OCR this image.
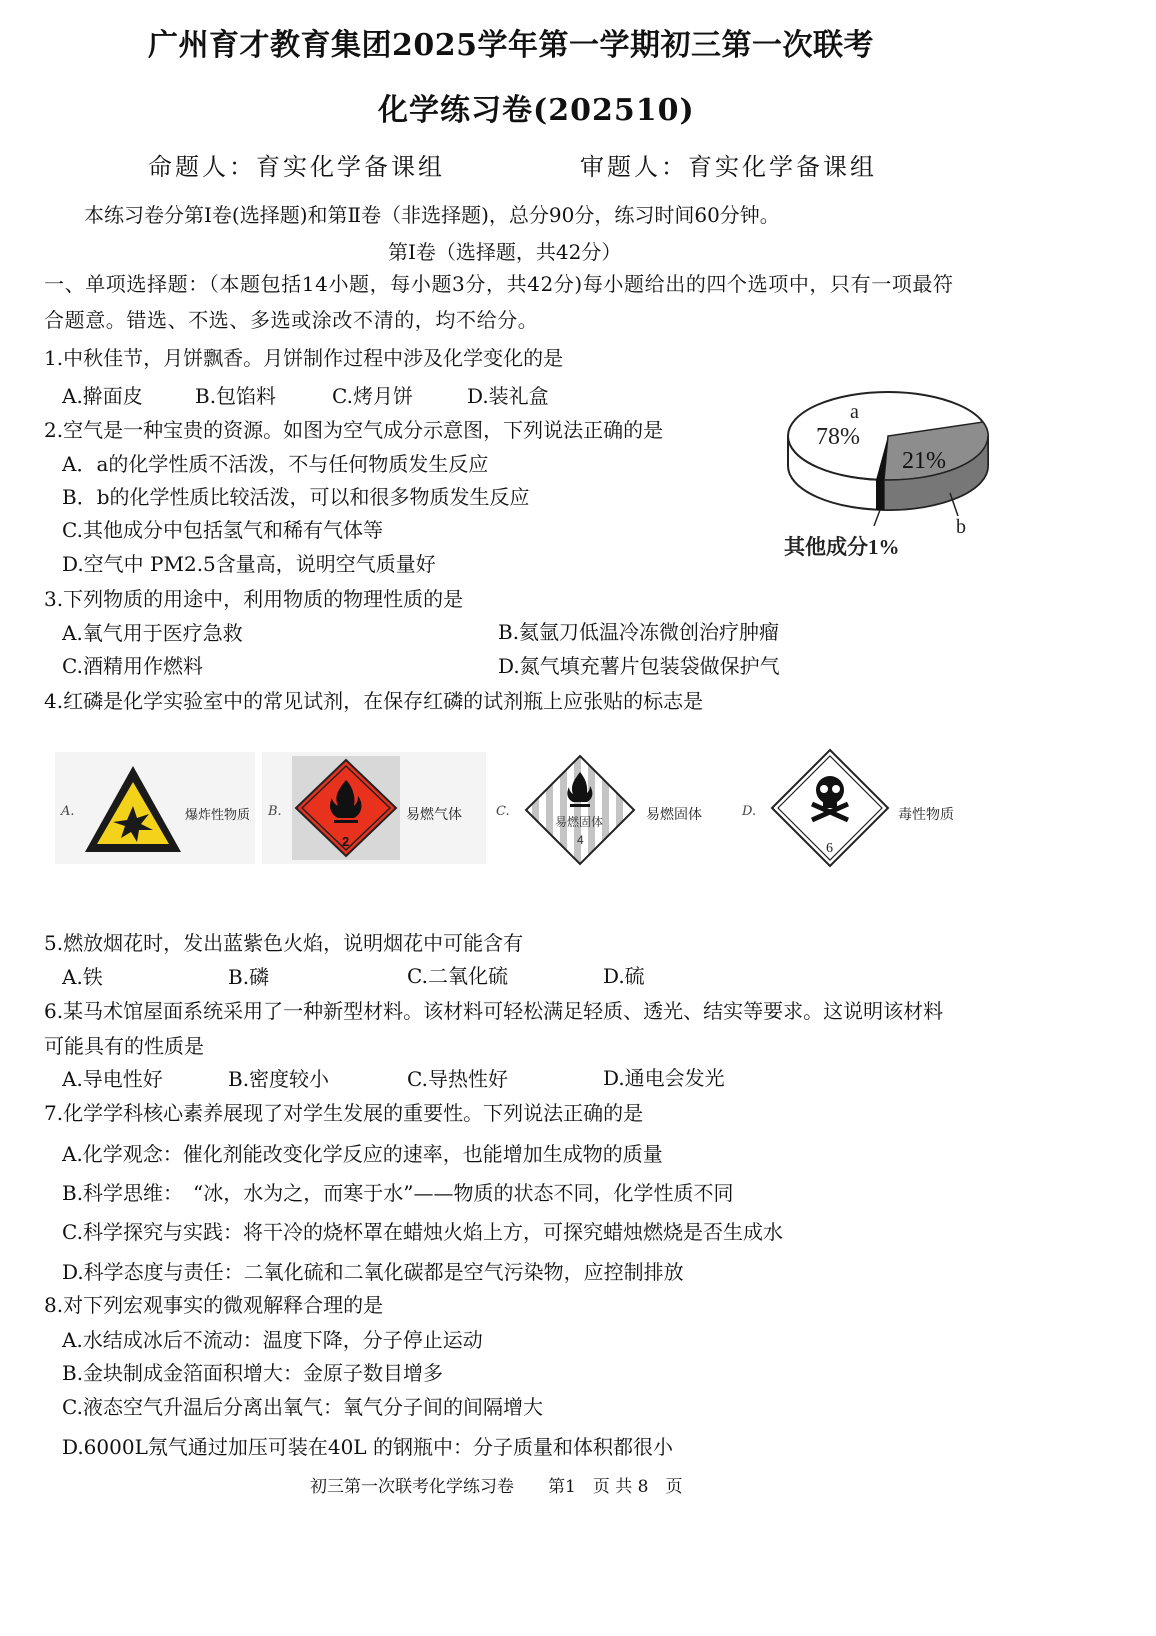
广州育才教育集团2025学年第一学期初三第一次联考
化学练习卷(202510)
命题人：育实化学备课组	审题人：育实化学备课组
本练习卷分第Ⅰ卷(选择题)和第Ⅱ卷（非选择题)，总分90分，练习时间60分钟。
第Ⅰ卷（选择题，共42分）
一、单项选择题：（本题包括14小题，每小题3分，共42分)每小题给出的四个选项中，只有一项最符
合题意。错选、不选、多选或涂改不清的，均不给分。
1.中秋佳节，月饼飘香。月饼制作过程中涉及化学变化的是
A.擀面皮	B.包馅料	C.烤月饼	D.装礼盒
2.空气是一种宝贵的资源。如图为空气成分示意图，下列说法正确的是
A．a的化学性质不活泼，不与任何物质发生反应
B．b的化学性质比较活泼，可以和很多物质发生反应
C.其他成分中包括氢气和稀有气体等
D.空气中 PM2.5含量高，说明空气质量好
a
78%
21%
b
其他成分1%
3.下列物质的用途中，利用物质的物理性质的是
A.氧气用于医疗急救	B.氦氩刀低温冷冻微创治疗肿瘤
C.酒精用作燃料	D.氮气填充薯片包装袋做保护气
4.红磷是化学实验室中的常见试剂，在保存红磷的试剂瓶上应张贴的标志是
A.	爆炸性物质 B.
2
易燃气体	C.
易燃固体
4
易燃固体	D.
6
毒性物质
5.燃放烟花时，发出蓝紫色火焰，说明烟花中可能含有
A.铁	B.磷	C.二氧化硫	D.硫
6.某马术馆屋面系统采用了一种新型材料。该材料可轻松满足轻质、透光、结实等要求。这说明该材料
可能具有的性质是
A.导电性好	B.密度较小	C.导热性好	D.通电会发光
7.化学学科核心素养展现了对学生发展的重要性。下列说法正确的是
A.化学观念：催化剂能改变化学反应的速率，也能增加生成物的质量
B.科学思维：　“冰，水为之，而寒于水”——物质的状态不同，化学性质不同
C.科学探究与实践：将干冷的烧杯罩在蜡烛火焰上方，可探究蜡烛燃烧是否生成水
D.科学态度与责任：二氧化硫和二氧化碳都是空气污染物，应控制排放
8.对下列宏观事实的微观解释合理的是
A.水结成冰后不流动：温度下降，分子停止运动
B.金块制成金箔面积增大：金原子数目增多
C.液态空气升温后分离出氧气：氧气分子间的间隔增大
D.6000L氖气通过加压可装在40L 的钢瓶中：分子质量和体积都很小
初三第一次联考化学练习卷　　第1　页 共 8　页
